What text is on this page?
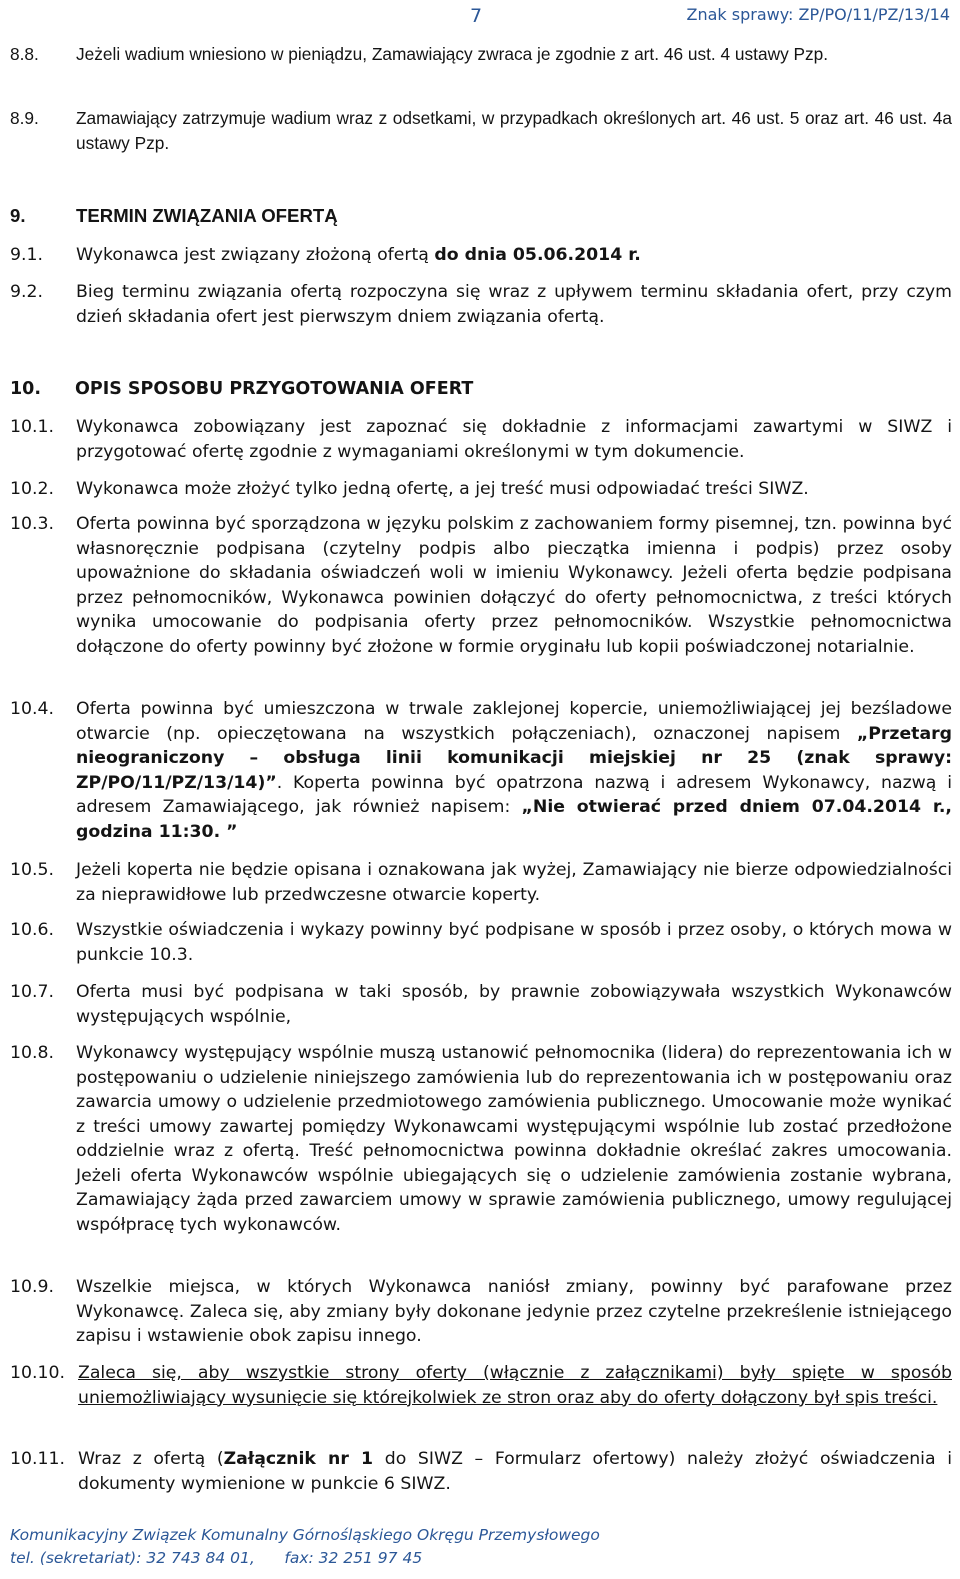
7	Znak sprawy: ZP/PO/11/PZ/13/14
8.8. Jeżeli wadium wniesiono w pieniądzu, Zamawiający zwraca je zgodnie z art. 46 ust. 4 ustawy Pzp.
8.9. Zamawiający zatrzymuje wadium wraz z odsetkami, w przypadkach określonych art. 46 ust. 5 oraz art. 46 ust. 4a ustawy Pzp.
9.	TERMIN ZWIĄZANIA OFERTĄ
9.1. Wykonawca jest związany złożoną ofertą do dnia 05.06.2014 r.
9.2. Bieg terminu związania ofertą rozpoczyna się wraz z upływem terminu składania ofert, przy czym dzień składania ofert jest pierwszym dniem związania ofertą.
10. OPIS SPOSOBU PRZYGOTOWANIA OFERT
10.1. Wykonawca zobowiązany jest zapoznać się dokładnie z informacjami zawartymi w SIWZ i przygotować ofertę zgodnie z wymaganiami określonymi w tym dokumencie.
10.2. Wykonawca może złożyć tylko jedną ofertę, a jej treść musi odpowiadać treści SIWZ.
10.3. Oferta powinna być sporządzona w języku polskim z zachowaniem formy pisemnej, tzn. powinna być własnoręcznie podpisana (czytelny podpis albo pieczątka imienna i podpis) przez osoby upoważnione do składania oświadczeń woli w imieniu Wykonawcy. Jeżeli oferta będzie podpisana przez pełnomocników, Wykonawca powinien dołączyć do oferty pełnomocnictwa, z treści których wynika umocowanie do podpisania oferty przez pełnomocników. Wszystkie pełnomocnictwa dołączone do oferty powinny być złożone w formie oryginału lub kopii poświadczonej notarialnie.
10.4. Oferta powinna być umieszczona w trwale zaklejonej kopercie, uniemożliwiającej jej bezśladowe otwarcie (np. opieczętowana na wszystkich połączeniach), oznaczonej napisem „Przetarg nieograniczony – obsługa linii komunikacji miejskiej nr 25 (znak sprawy: ZP/PO/11/PZ/13/14)”. Koperta powinna być opatrzona nazwą i adresem Wykonawcy, nazwą i adresem Zamawiającego, jak również napisem: „Nie otwierać przed dniem 07.04.2014 r., godzina 11:30. ”
10.5. Jeżeli koperta nie będzie opisana i oznakowana jak wyżej, Zamawiający nie bierze odpowiedzialności za nieprawidłowe lub przedwczesne otwarcie koperty.
10.6. Wszystkie oświadczenia i wykazy powinny być podpisane w sposób i przez osoby, o których mowa w punkcie 10.3.
10.7. Oferta musi być podpisana w taki sposób, by prawnie zobowiązywała wszystkich Wykonawców występujących wspólnie,
10.8. Wykonawcy występujący wspólnie muszą ustanowić pełnomocnika (lidera) do reprezentowania ich w postępowaniu o udzielenie niniejszego zamówienia lub do reprezentowania ich w postępowaniu oraz zawarcia umowy o udzielenie przedmiotowego zamówienia publicznego. Umocowanie może wynikać z treści umowy zawartej pomiędzy Wykonawcami występującymi wspólnie lub zostać przedłożone oddzielnie wraz z ofertą. Treść pełnomocnictwa powinna dokładnie określać zakres umocowania. Jeżeli oferta Wykonawców wspólnie ubiegających się o udzielenie zamówienia zostanie wybrana, Zamawiający żąda przed zawarciem umowy w sprawie zamówienia publicznego, umowy regulującej współpracę tych wykonawców.
10.9. Wszelkie miejsca, w których Wykonawca naniósł zmiany, powinny być parafowane przez Wykonawcę. Zaleca się, aby zmiany były dokonane jedynie przez czytelne przekreślenie istniejącego zapisu i wstawienie obok zapisu innego.
10.10. Zaleca się, aby wszystkie strony oferty (włącznie z załącznikami) były spięte w sposób uniemożliwiający wysunięcie się którejkolwiek ze stron oraz aby do oferty dołączony był spis treści.
10.11. Wraz z ofertą (Załącznik nr 1 do SIWZ – Formularz ofertowy) należy złożyć oświadczenia i dokumenty wymienione w punkcie 6 SIWZ.
Komunikacyjny Związek Komunalny Górnośląskiego Okręgu Przemysłowego
tel. (sekretariat): 32 743 84 01,      fax: 32 251 97 45
